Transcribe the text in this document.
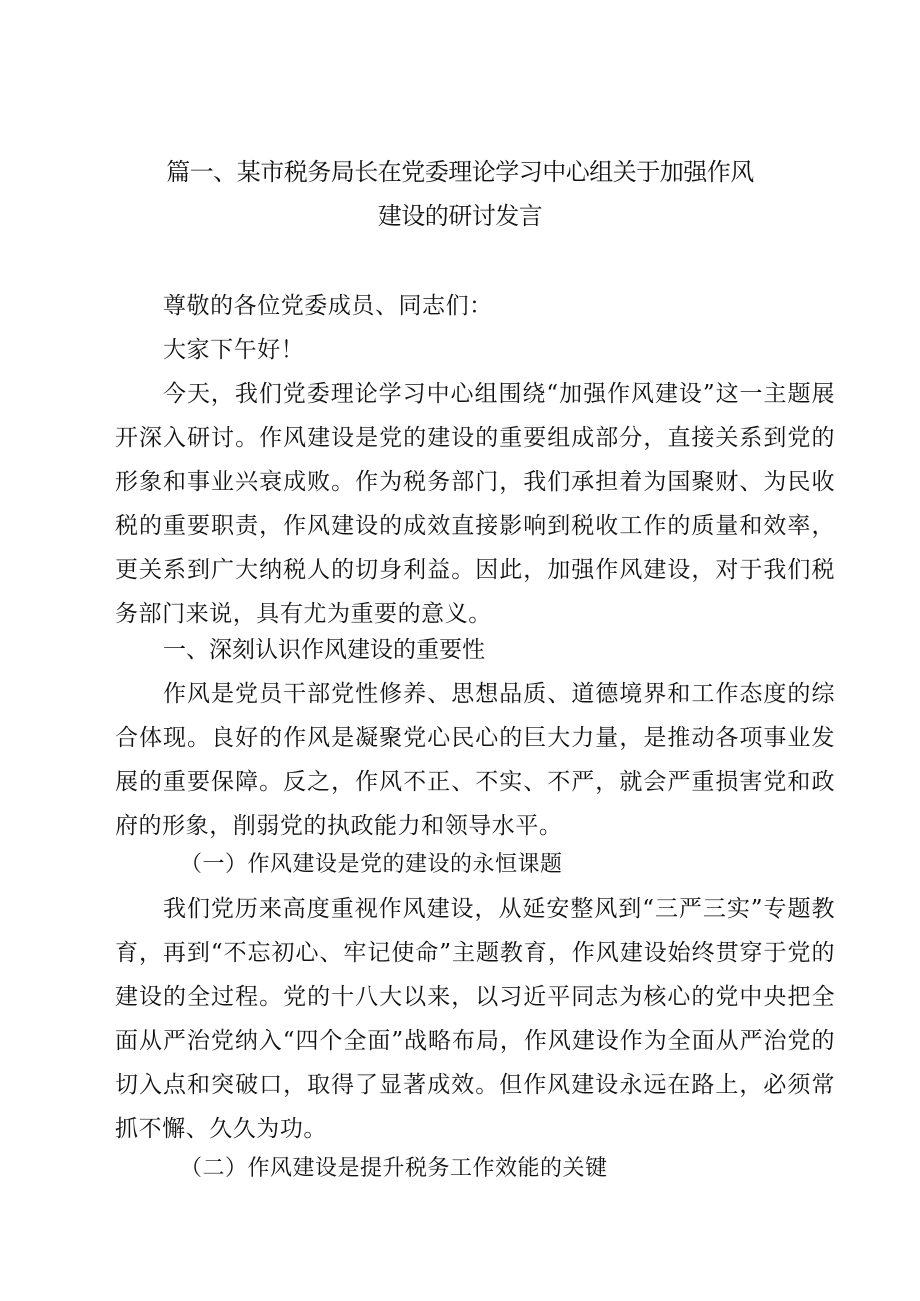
篇一、某市税务局长在党委理论学习中心组关于加强作风
建设的研讨发言

尊敬的各位党委成员、同志们：

大家下午好！

今天，我们党委理论学习中心组围绕“加强作风建设”这一主题展开深入研讨。作风建设是党的建设的重要组成部分，直接关系到党的形象和事业兴衰成败。作为税务部门，我们承担着为国聚财、为民收税的重要职责，作风建设的成效直接影响到税收工作的质量和效率，更关系到广大纳税人的切身利益。因此，加强作风建设，对于我们税务部门来说，具有尤为重要的意义。

一、深刻认识作风建设的重要性

作风是党员干部党性修养、思想品质、道德境界和工作态度的综合体现。良好的作风是凝聚党心民心的巨大力量，是推动各项事业发展的重要保障。反之，作风不正、不实、不严，就会严重损害党和政府的形象，削弱党的执政能力和领导水平。

（一）作风建设是党的建设的永恒课题

我们党历来高度重视作风建设，从延安整风到“三严三实”专题教育，再到“不忘初心、牢记使命”主题教育，作风建设始终贯穿于党的建设的全过程。党的十八大以来，以习近平同志为核心的党中央把全面从严治党纳入“四个全面”战略布局，作风建设作为全面从严治党的切入点和突破口，取得了显著成效。但作风建设永远在路上，必须常抓不懈、久久为功。

（二）作风建设是提升税务工作效能的关键
